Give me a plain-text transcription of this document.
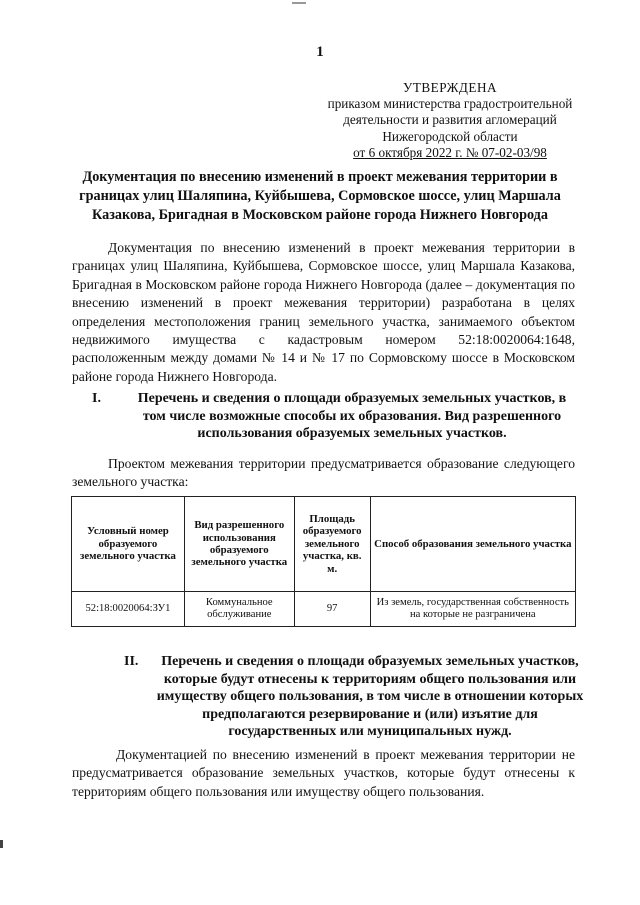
1
УТВЕРЖДЕНА
приказом министерства градостроительной
деятельности и развития агломераций
Нижегородской области
от 6 октября 2022 г. № 07-02-03/98
Документация по внесению изменений в проект межевания территории в границах улиц Шаляпина, Куйбышева, Сормовское шоссе, улиц Маршала Казакова, Бригадная в Московском районе города Нижнего Новгорода
Документация по внесению изменений в проект межевания территории в границах улиц Шаляпина, Куйбышева, Сормовское шоссе, улиц Маршала Казакова, Бригадная в Московском районе города Нижнего Новгорода (далее – документация по внесению изменений в проект межевания территории) разработана в целях определения местоположения границ земельного участка, занимаемого объектом недвижимого имущества с кадастровым номером 52:18:0020064:1648, расположенным между домами № 14 и № 17 по Сормовскому шоссе в Московском районе города Нижнего Новгорода.
I.	Перечень и сведения о площади образуемых земельных участков, в том числе возможные способы их образования. Вид разрешенного использования образуемых земельных участков.
Проектом межевания территории предусматривается образование следующего земельного участка:
Условный номер образуемого земельного участка	Вид разрешенного использования образуемого земельного участка	Площадь образуемого земельного участка, кв. м.	Способ образования земельного участка
52:18:0020064:ЗУ1	Коммунальное обслуживание	97	Из земель, государственная собственность на которые не разграничена
II.	Перечень и сведения о площади образуемых земельных участков, которые будут отнесены к территориям общего пользования или имуществу общего пользования, в том числе в отношении которых предполагаются резервирование и (или) изъятие для государственных или муниципальных нужд.
Документацией по внесению изменений в проект межевания территории не предусматривается образование земельных участков, которые будут отнесены к территориям общего пользования или имуществу общего пользования.
